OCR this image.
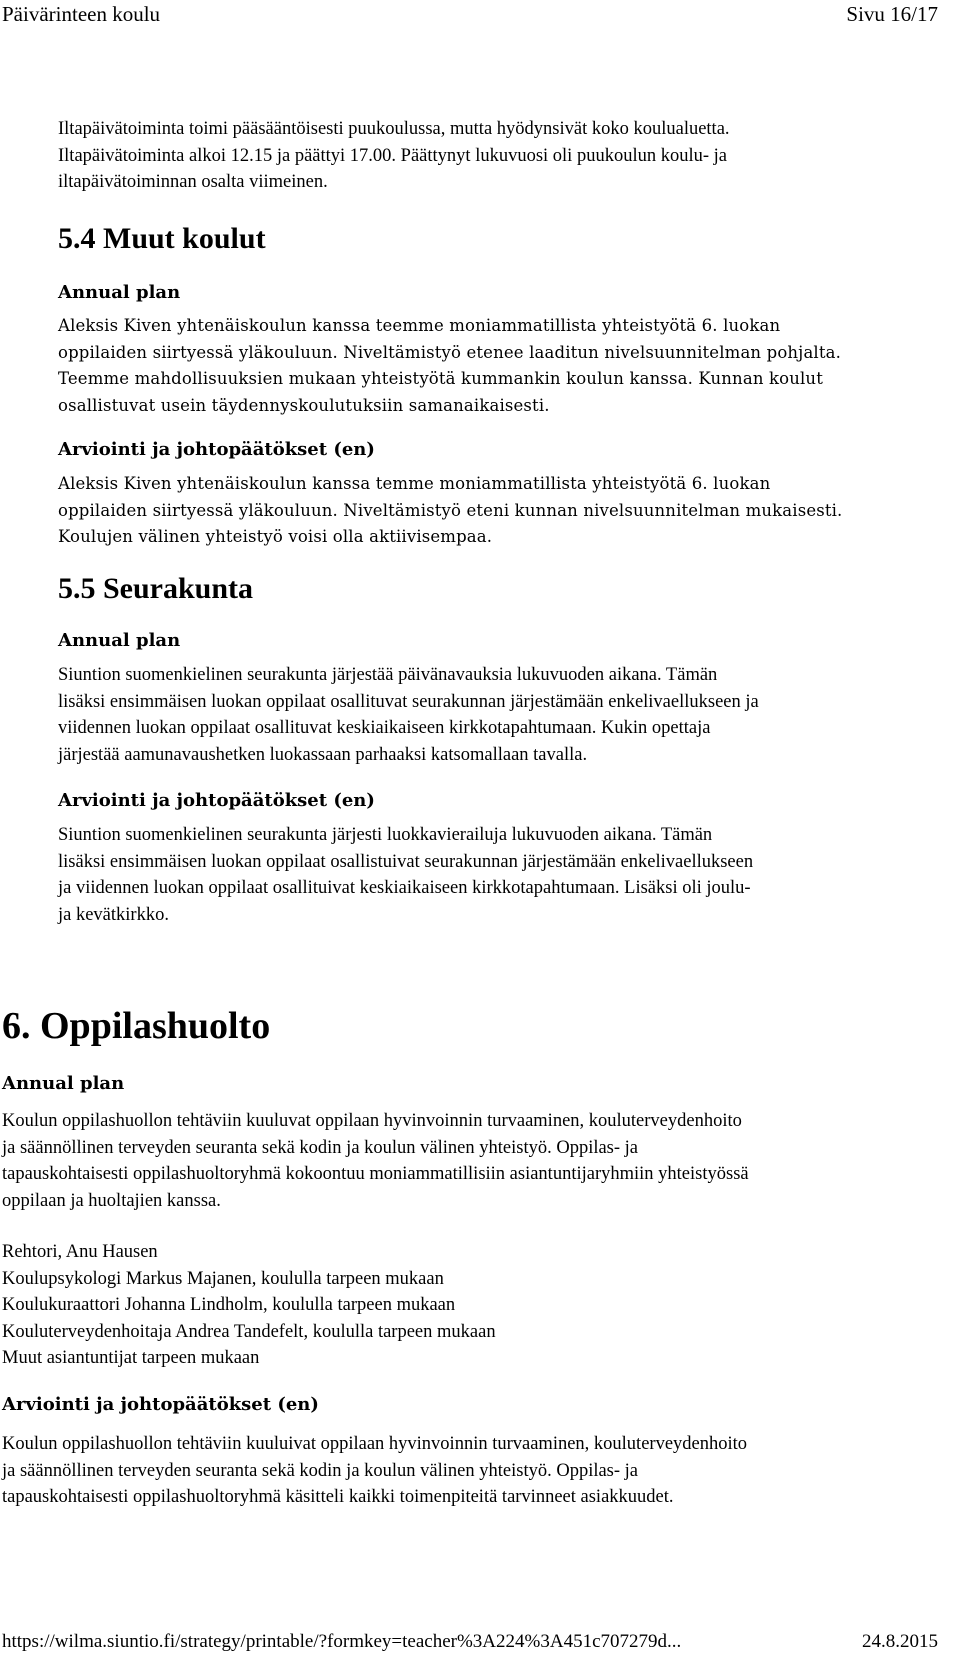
Päivärinteen koulu	Sivu 16/17

Iltapäivätoiminta toimi pääsääntöisesti puukoulussa, mutta hyödynsivät koko koulualuetta.
Iltapäivätoiminta alkoi 12.15 ja päättyi 17.00. Päättynyt lukuvuosi oli puukoulun koulu- ja
iltapäivätoiminnan osalta viimeinen.

5.4 Muut koulut
Annual plan

Aleksis Kiven yhtenäiskoulun kanssa teemme moniammatillista yhteistyötä 6. luokan
oppilaiden siirtyessä yläkouluun. Niveltämistyö etenee laaditun nivelsuunnitelman pohjalta.
Teemme mahdollisuuksien mukaan yhteistyötä kummankin koulun kanssa. Kunnan koulut
osallistuvat usein täydennyskoulutuksiin samanaikaisesti.

Arviointi ja johtopäätökset (en)

Aleksis Kiven yhtenäiskoulun kanssa temme moniammatillista yhteistyötä 6. luokan
oppilaiden siirtyessä yläkouluun. Niveltämistyö eteni kunnan nivelsuunnitelman mukaisesti.
Koulujen välinen yhteistyö voisi olla aktiivisempaa.

5.5 Seurakunta
Annual plan

Siuntion suomenkielinen seurakunta järjestää päivänavauksia lukuvuoden aikana. Tämän
lisäksi ensimmäisen luokan oppilaat osallituvat seurakunnan järjestämään enkelivaellukseen ja
viidennen luokan oppilaat osallituvat keskiaikaiseen kirkkotapahtumaan. Kukin opettaja
järjestää aamunavaushetken luokassaan parhaaksi katsomallaan tavalla.

Arviointi ja johtopäätökset (en)

Siuntion suomenkielinen seurakunta järjesti luokkavierailuja lukuvuoden aikana. Tämän
lisäksi ensimmäisen luokan oppilaat osallistuivat seurakunnan järjestämään enkelivaellukseen
ja viidennen luokan oppilaat osallituivat keskiaikaiseen kirkkotapahtumaan. Lisäksi oli joulu-
ja kevätkirkko.

6. Oppilashuolto
Annual plan

Koulun oppilashuollon tehtäviin kuuluvat oppilaan hyvinvoinnin turvaaminen, kouluterveydenhoito
ja säännöllinen terveyden seuranta sekä kodin ja koulun välinen yhteistyö. Oppilas- ja
tapauskohtaisesti oppilashuoltoryhmä kokoontuu moniammatillisiin asiantuntijaryhmiin yhteistyössä
oppilaan ja huoltajien kanssa.

Rehtori, Anu Hausen
Koulupsykologi Markus Majanen, koululla tarpeen mukaan
Koulukuraattori Johanna Lindholm, koululla tarpeen mukaan
Kouluterveydenhoitaja Andrea Tandefelt, koululla tarpeen mukaan
Muut asiantuntijat tarpeen mukaan

Arviointi ja johtopäätökset (en)

Koulun oppilashuollon tehtäviin kuuluivat oppilaan hyvinvoinnin turvaaminen, kouluterveydenhoito
ja säännöllinen terveyden seuranta sekä kodin ja koulun välinen yhteistyö. Oppilas- ja
tapauskohtaisesti oppilashuoltoryhmä käsitteli kaikki toimenpiteitä tarvinneet asiakkuudet.

https://wilma.siuntio.fi/strategy/printable/?formkey=teacher%3A224%3A451c707279d...	24.8.2015
